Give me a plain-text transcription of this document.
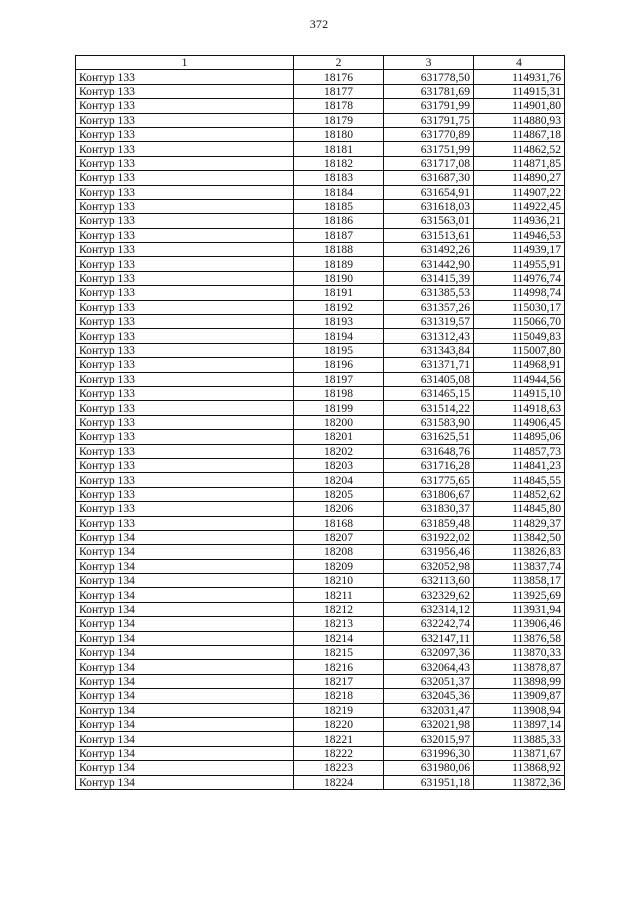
372
1	2	3	4
Контур 133	18176	631778,50	114931,76
Контур 133	18177	631781,69	114915,31
Контур 133	18178	631791,99	114901,80
Контур 133	18179	631791,75	114880,93
Контур 133	18180	631770,89	114867,18
Контур 133	18181	631751,99	114862,52
Контур 133	18182	631717,08	114871,85
Контур 133	18183	631687,30	114890,27
Контур 133	18184	631654,91	114907,22
Контур 133	18185	631618,03	114922,45
Контур 133	18186	631563,01	114936,21
Контур 133	18187	631513,61	114946,53
Контур 133	18188	631492,26	114939,17
Контур 133	18189	631442,90	114955,91
Контур 133	18190	631415,39	114976,74
Контур 133	18191	631385,53	114998,74
Контур 133	18192	631357,26	115030,17
Контур 133	18193	631319,57	115066,70
Контур 133	18194	631312,43	115049,83
Контур 133	18195	631343,84	115007,80
Контур 133	18196	631371,71	114968,91
Контур 133	18197	631405,08	114944,56
Контур 133	18198	631465,15	114915,10
Контур 133	18199	631514,22	114918,63
Контур 133	18200	631583,90	114906,45
Контур 133	18201	631625,51	114895,06
Контур 133	18202	631648,76	114857,73
Контур 133	18203	631716,28	114841,23
Контур 133	18204	631775,65	114845,55
Контур 133	18205	631806,67	114852,62
Контур 133	18206	631830,37	114845,80
Контур 133	18168	631859,48	114829,37
Контур 134	18207	631922,02	113842,50
Контур 134	18208	631956,46	113826,83
Контур 134	18209	632052,98	113837,74
Контур 134	18210	632113,60	113858,17
Контур 134	18211	632329,62	113925,69
Контур 134	18212	632314,12	113931,94
Контур 134	18213	632242,74	113906,46
Контур 134	18214	632147,11	113876,58
Контур 134	18215	632097,36	113870,33
Контур 134	18216	632064,43	113878,87
Контур 134	18217	632051,37	113898,99
Контур 134	18218	632045,36	113909,87
Контур 134	18219	632031,47	113908,94
Контур 134	18220	632021,98	113897,14
Контур 134	18221	632015,97	113885,33
Контур 134	18222	631996,30	113871,67
Контур 134	18223	631980,06	113868,92
Контур 134	18224	631951,18	113872,36
